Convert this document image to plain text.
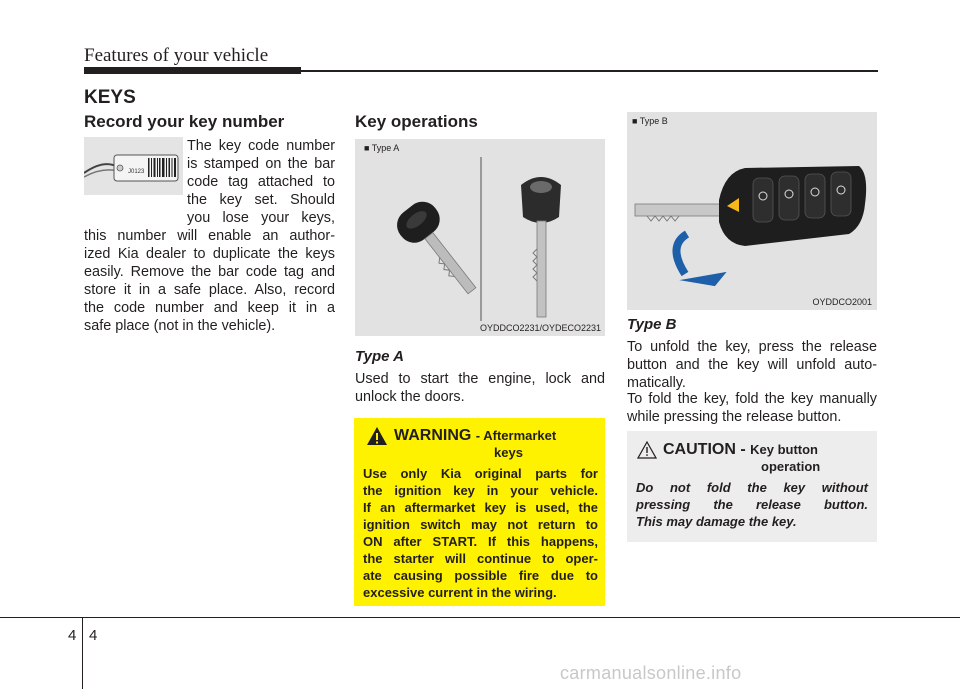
Features of your vehicle
KEYS
Record your key number
J0123
The key code number
is stamped on the bar
code tag attached to
the key set. Should
you lose your keys,
this number will enable an author-
ized Kia dealer to duplicate the keys
easily. Remove the bar code tag and
store it in a safe place. Also, record
the code number and keep it in a
safe place (not in the vehicle).
Key operations
■ Type A
OYDDCO2231/OYDECO2231
Type A
Used to start the engine, lock and
unlock the doors.
WARNING - Aftermarket
keys
Use only Kia original parts for
the ignition key in your vehicle.
If an aftermarket key is used, the
ignition switch may not return to
ON after START. If this happens,
the starter will continue to oper-
ate causing possible fire due to
excessive current in the wiring.
■ Type B
OYDDCO2001
Type B
To unfold the key, press the release
button and the key will unfold auto-
matically.
To fold the key, fold the key manually
while pressing the release button.
CAUTION - Key button
operation
Do not fold the key without
pressing the release button.
This may damage the key.
4 4
carmanualsonline.info
